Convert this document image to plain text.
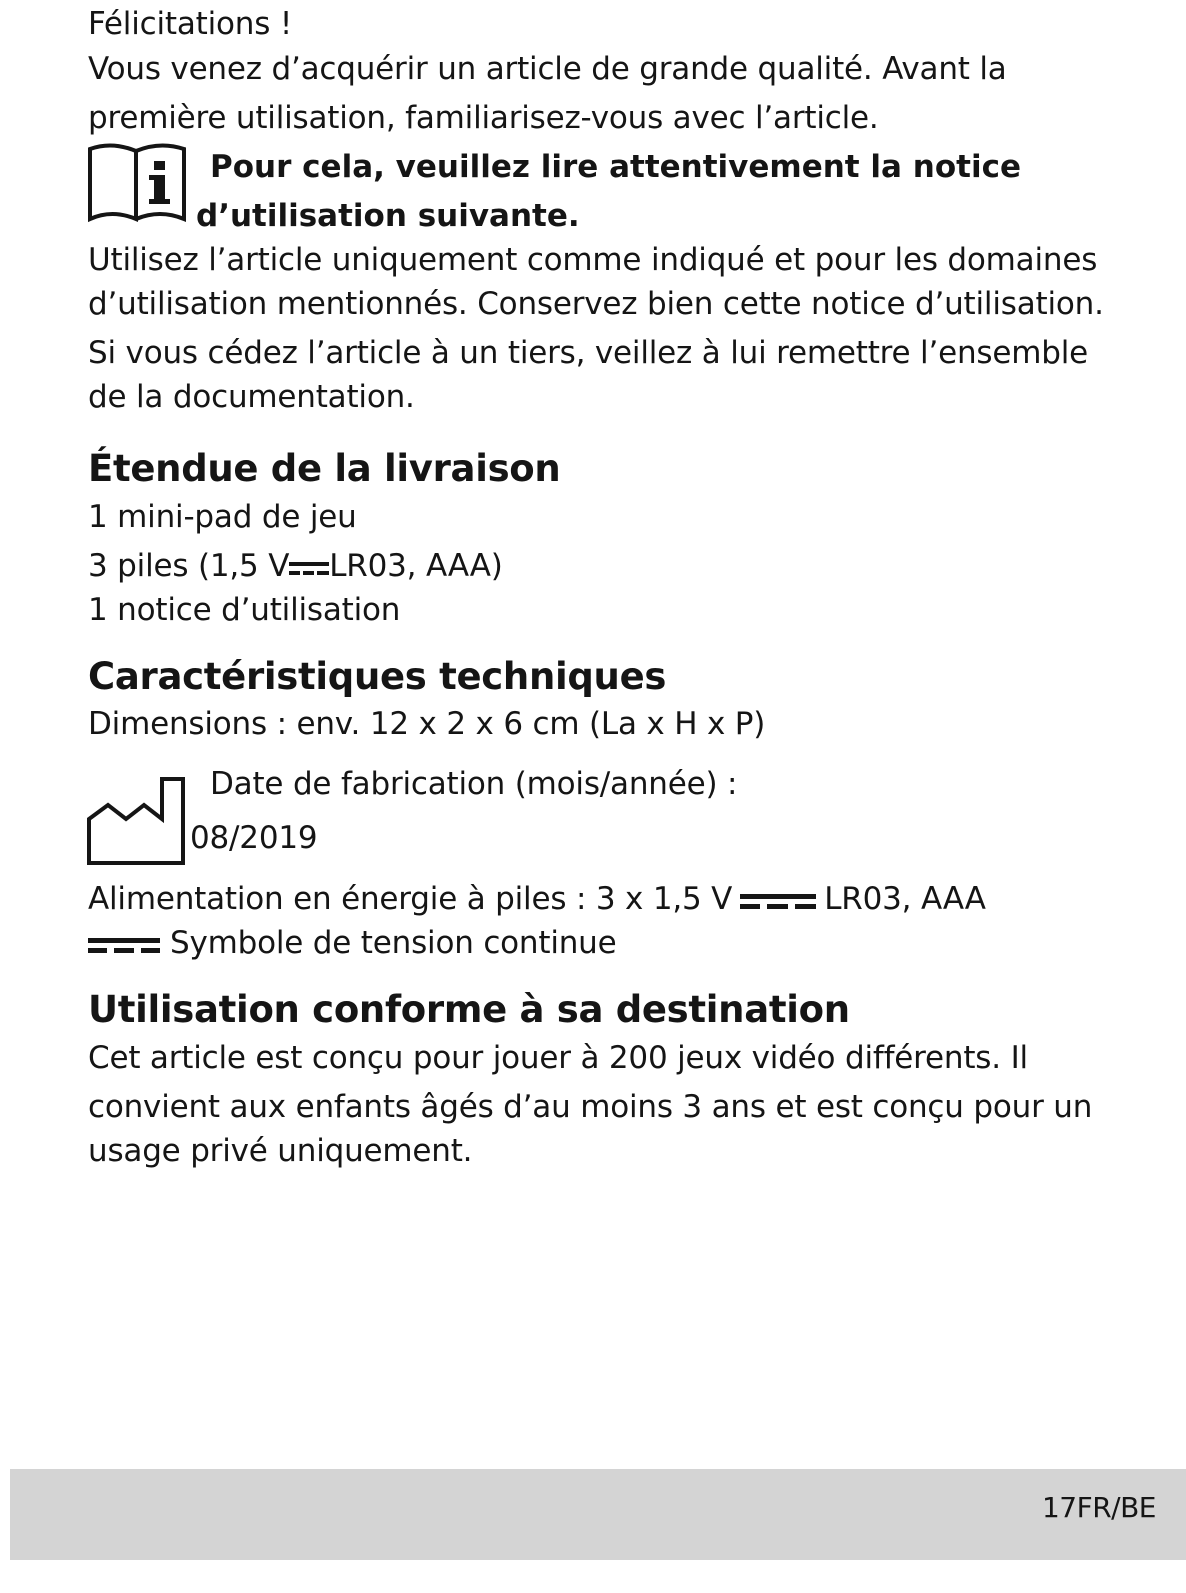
Félicitations !
Vous venez d’acquérir un article de grande qualité. Avant la
première utilisation, familiarisez-vous avec l’article.
Pour cela, veuillez lire attentivement la notice
d’utilisation suivante.
Utilisez l’article uniquement comme indiqué et pour les domaines
d’utilisation mentionnés. Conservez bien cette notice d’utilisation.
Si vous cédez l’article à un tiers, veillez à lui remettre l’ensemble
de la documentation.
Étendue de la livraison
1 mini-pad de jeu
3 piles (1,5 V LR03, AAA)
1 notice d’utilisation
Caractéristiques techniques
Dimensions : env. 12 x 2 x 6 cm (La x H x P)
Date de fabrication (mois/année) :
08/2019
Alimentation en énergie à piles : 3 x 1,5 V	LR03, AAA
Symbole de tension continue
Utilisation conforme à sa destination
Cet article est conçu pour jouer à 200 jeux vidéo différents. Il
convient aux enfants âgés d’au moins 3 ans et est conçu pour un
usage privé uniquement.
17FR/BE
